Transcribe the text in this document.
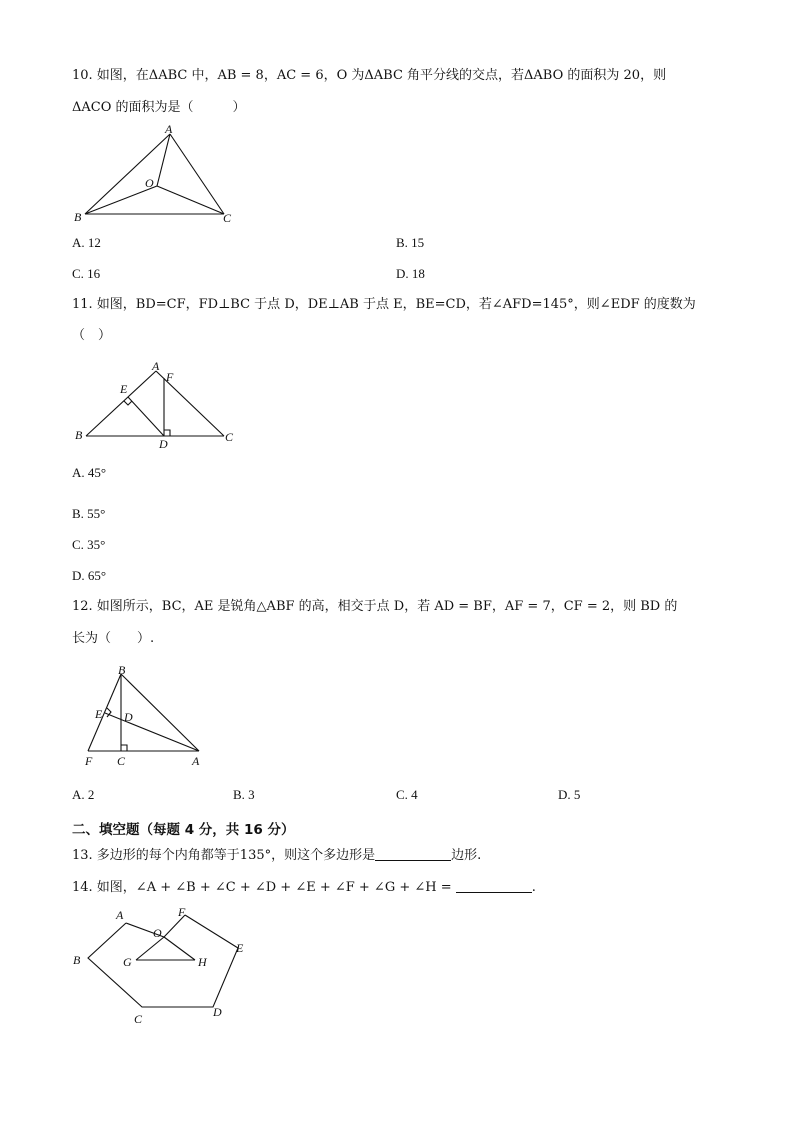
10. 如图，在ΔABC 中，AB = 8，AC = 6，O 为ΔABC 角平分线的交点，若ΔABO 的面积为 20，则
ΔACO 的面积为是（　　　）
A
B	C
O
A. 12	B. 15
C. 16	D. 18
11. 如图，BD=CF，FD⊥BC 于点 D，DE⊥AB 于点 E，BE=CD，若∠AFD=145°，则∠EDF 的度数为
（　）
A
F
E
B
D	C
A. 45°
B. 55°
C. 35°
D. 65°
12. 如图所示，BC，AE 是锐角△ABF 的高，相交于点 D，若 AD = BF，AF = 7，CF = 2，则 BD 的
长为（　　）.
B
E D
F C	A
A. 2	B. 3	C. 4	D. 5
二、填空题（每题 4 分，共 16 分）
13. 多边形的每个内角都等于135°，则这个多边形是	边形.
14. 如图，∠A + ∠B + ∠C + ∠D + ∠E + ∠F + ∠G + ∠H =	.
A	F
O
B	G	H
E
C	D
